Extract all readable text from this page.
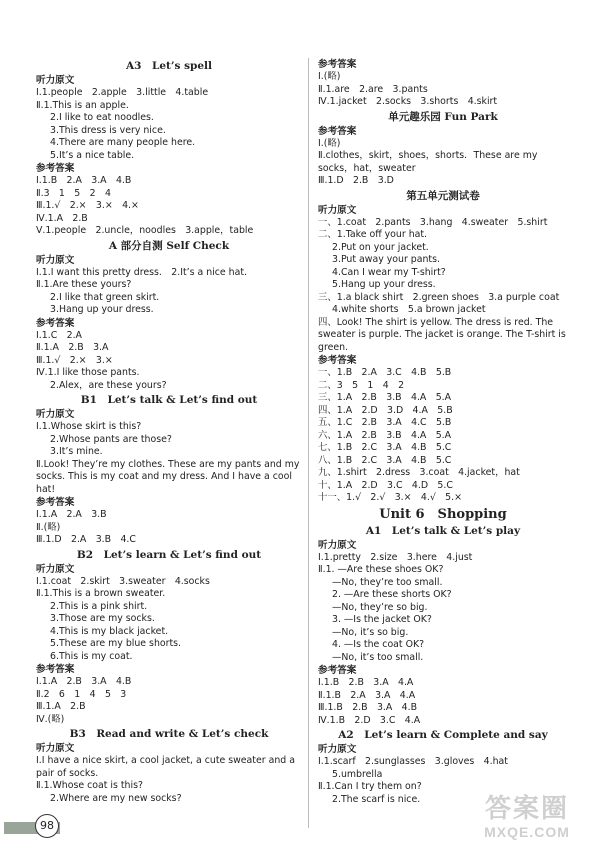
A3　Let’s spell
听力原文
Ⅰ.1.people　2.apple　3.little　4.table
Ⅱ.1.This is an apple.
2.I like to eat noodles.
3.This dress is very nice.
4.There are many people here.
5.It’s a nice table.
参考答案
Ⅰ.1.B　2.A　3.A　4.B
Ⅱ.3　1　5　2　4
Ⅲ.1.√　2.×　3.×　4.×
Ⅳ.1.A　2.B
Ⅴ.1.people　2.uncle，noodles　3.apple，table
A 部分自测 Self Check
听力原文
Ⅰ.1.I want this pretty dress.　2.It’s a nice hat.
Ⅱ.1.Are these yours?
2.I like that green skirt.
3.Hang up your dress.
参考答案
Ⅰ.1.C　2.A
Ⅱ.1.A　2.B　3.A
Ⅲ.1.√　2.×　3.×
Ⅳ.1.I like those pants.
2.Alex，are these yours?
B1　Let’s talk & Let’s find out
听力原文
Ⅰ.1.Whose skirt is this?
2.Whose pants are those?
3.It’s mine.
Ⅱ.Look! They’re my clothes. These are my pants and my socks. This is my coat and my dress. And I have a cool hat!
参考答案
Ⅰ.1.A　2.A　3.B
Ⅱ.(略)
Ⅲ.1.D　2.A　3.B　4.C
B2　Let’s learn & Let’s find out
听力原文
Ⅰ.1.coat　2.skirt　3.sweater　4.socks
Ⅱ.1.This is a brown sweater.
2.This is a pink shirt.
3.Those are my socks.
4.This is my black jacket.
5.These are my blue shorts.
6.This is my coat.
参考答案
Ⅰ.1.A　2.B　3.A　4.B
Ⅱ.2　6　1　4　5　3
Ⅲ.1.A　2.B
Ⅳ.(略)
B3　Read and write & Let’s check
听力原文
Ⅰ.I have a nice skirt, a cool jacket, a cute sweater and a pair of socks.
Ⅱ.1.Whose coat is this?
2.Where are my new socks?
参考答案
Ⅰ.(略)
Ⅱ.1.are　2.are　3.pants
Ⅳ.1.jacket　2.socks　3.shorts　4.skirt
单元趣乐园 Fun Park
参考答案
Ⅰ.(略)
Ⅱ.clothes，skirt，shoes，shorts．These are my socks，hat，sweater
Ⅲ.1.D　2.B　3.D
第五单元测试卷
听力原文
一、1.coat　2.pants　3.hang　4.sweater　5.shirt
二、1.Take off your hat.
2.Put on your jacket.
3.Put away your pants.
4.Can I wear my T-shirt?
5.Hang up your dress.
三、1.a black shirt　2.green shoes　3.a purple coat
4.white shorts　5.a brown jacket
四、Look! The shirt is yellow. The dress is red. The sweater is purple. The jacket is orange. The T-shirt is green.
参考答案
一、1.B　2.A　3.C　4.B　5.B
二、3　5　1　4　2
三、1.A　2.B　3.B　4.A　5.A
四、1.A　2.D　3.D　4.A　5.B
五、1.C　2.B　3.A　4.C　5.B
六、1.A　2.B　3.B　4.A　5.A
七、1.B　2.C　3.A　4.B　5.C
八、1.B　2.C　3.A　4.B　5.C
九、1.shirt　2.dress　3.coat　4.jacket，hat
十、1.A　2.D　3.C　4.D　5.C
十一、1.√　2.√　3.×　4.√　5.×
Unit 6　Shopping
A1　Let’s talk & Let’s play
听力原文
Ⅰ.1.pretty　2.size　3.here　4.just
Ⅱ.1. —Are these shoes OK?
—No, they’re too small.
2. —Are these shorts OK?
—No, they’re so big.
3. —Is the jacket OK?
—No, it’s so big.
4. —Is the coat OK?
—No, it’s too small.
参考答案
Ⅰ.1.B　2.B　3.A　4.A
Ⅱ.1.B　2.A　3.A　4.A
Ⅲ.1.B　2.B　3.A　4.B
Ⅳ.1.B　2.D　3.C　4.A
A2　Let’s learn & Complete and say
听力原文
Ⅰ.1.scarf　2.sunglasses　3.gloves　4.hat
5.umbrella
Ⅱ.1.Can I try them on?
2.The scarf is nice.
98
答案圈
MXQE.COM
